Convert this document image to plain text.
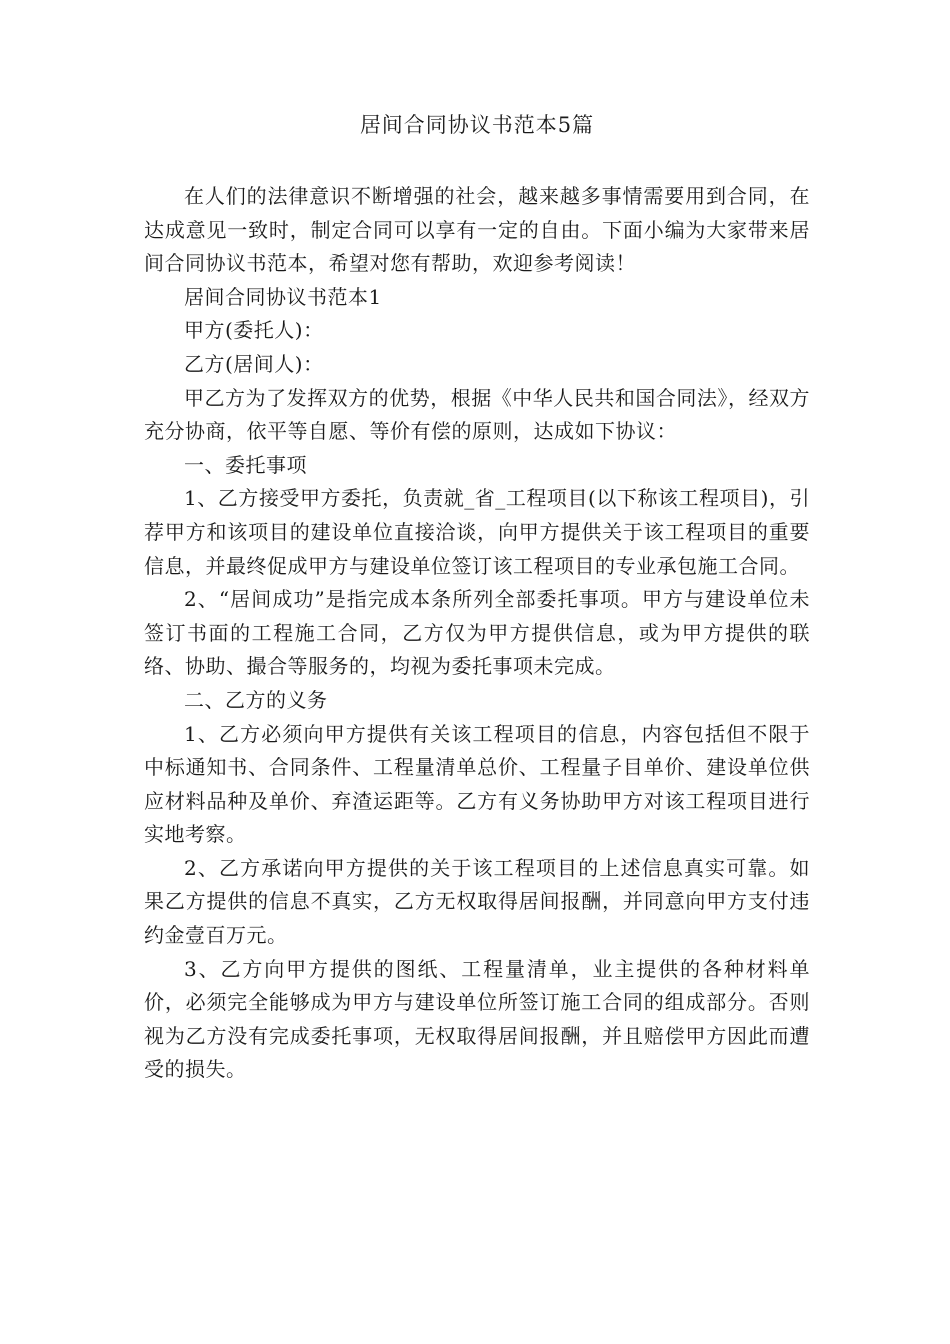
居间合同协议书范本5篇

在人们的法律意识不断增强的社会，越来越多事情需要用到合同，在达成意见一致时，制定合同可以享有一定的自由。下面小编为大家带来居间合同协议书范本，希望对您有帮助，欢迎参考阅读！

居间合同协议书范本1

甲方(委托人)：

乙方(居间人)：

甲乙方为了发挥双方的优势，根据《中华人民共和国合同法》，经双方充分协商，依平等自愿、等价有偿的原则，达成如下协议：

一、委托事项

1、乙方接受甲方委托，负责就_省_工程项目(以下称该工程项目)，引荐甲方和该项目的建设单位直接洽谈，向甲方提供关于该工程项目的重要信息，并最终促成甲方与建设单位签订该工程项目的专业承包施工合同。

2、“居间成功”是指完成本条所列全部委托事项。甲方与建设单位未签订书面的工程施工合同，乙方仅为甲方提供信息，或为甲方提供的联络、协助、撮合等服务的，均视为委托事项未完成。

二、乙方的义务

1、乙方必须向甲方提供有关该工程项目的信息，内容包括但不限于中标通知书、合同条件、工程量清单总价、工程量子目单价、建设单位供应材料品种及单价、弃渣运距等。乙方有义务协助甲方对该工程项目进行实地考察。

2、乙方承诺向甲方提供的关于该工程项目的上述信息真实可靠。如果乙方提供的信息不真实，乙方无权取得居间报酬，并同意向甲方支付违约金壹百万元。

3、乙方向甲方提供的图纸、工程量清单，业主提供的各种材料单价，必须完全能够成为甲方与建设单位所签订施工合同的组成部分。否则视为乙方没有完成委托事项，无权取得居间报酬，并且赔偿甲方因此而遭受的损失。
